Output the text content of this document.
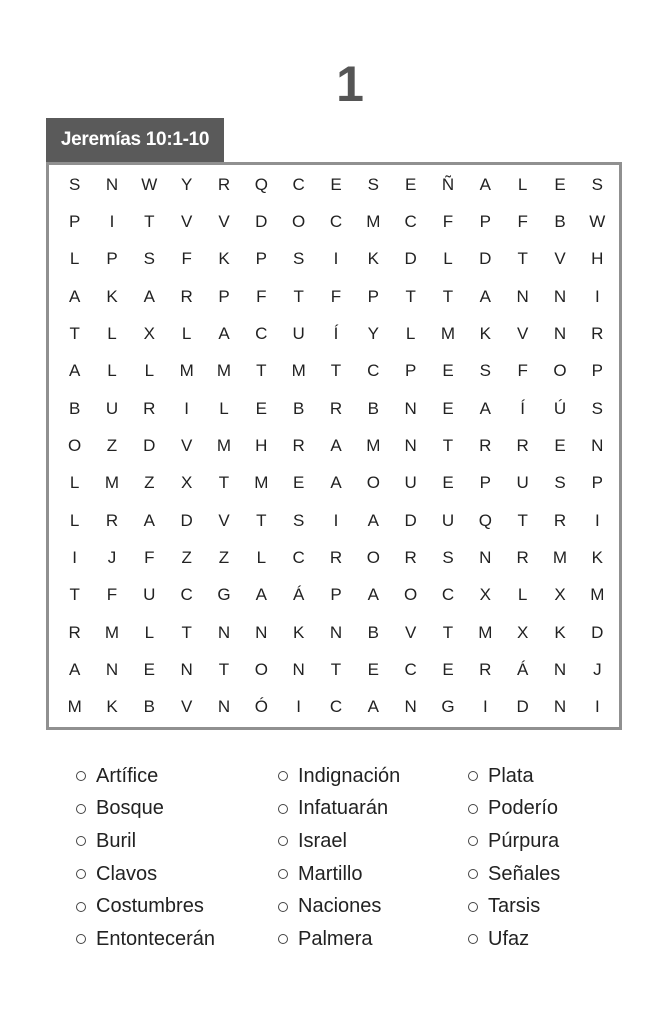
1
Jeremías 10:1-10
S	N	W	Y	R	Q	C	E	S	E	Ñ	A	L	E	S
P	I	T	V	V	D	O	C	M	C	F	P	F	B	W
L	P	S	F	K	P	S	I	K	D	L	D	T	V	H
A	K	A	R	P	F	T	F	P	T	T	A	N	N	I
T	L	X	L	A	C	U	Í	Y	L	M	K	V	N	R
A	L	L	M	M	T	M	T	C	P	E	S	F	O	P
B	U	R	I	L	E	B	R	B	N	E	A	Í	Ú	S
O	Z	D	V	M	H	R	A	M	N	T	R	R	E	N
L	M	Z	X	T	M	E	A	O	U	E	P	U	S	P
L	R	A	D	V	T	S	I	A	D	U	Q	T	R	I
I	J	F	Z	Z	L	C	R	O	R	S	N	R	M	K
T	F	U	C	G	A	Á	P	A	O	C	X	L	X	M
R	M	L	T	N	N	K	N	B	V	T	M	X	K	D
A	N	E	N	T	O	N	T	E	C	E	R	Á	N	J
M	K	B	V	N	Ó	I	C	A	N	G	I	D	N	I
Artífice
Bosque
Buril
Clavos
Costumbres
Entontecerán
Indignación
Infatuarán
Israel
Martillo
Naciones
Palmera
Plata
Poderío
Púrpura
Señales
Tarsis
Ufaz
